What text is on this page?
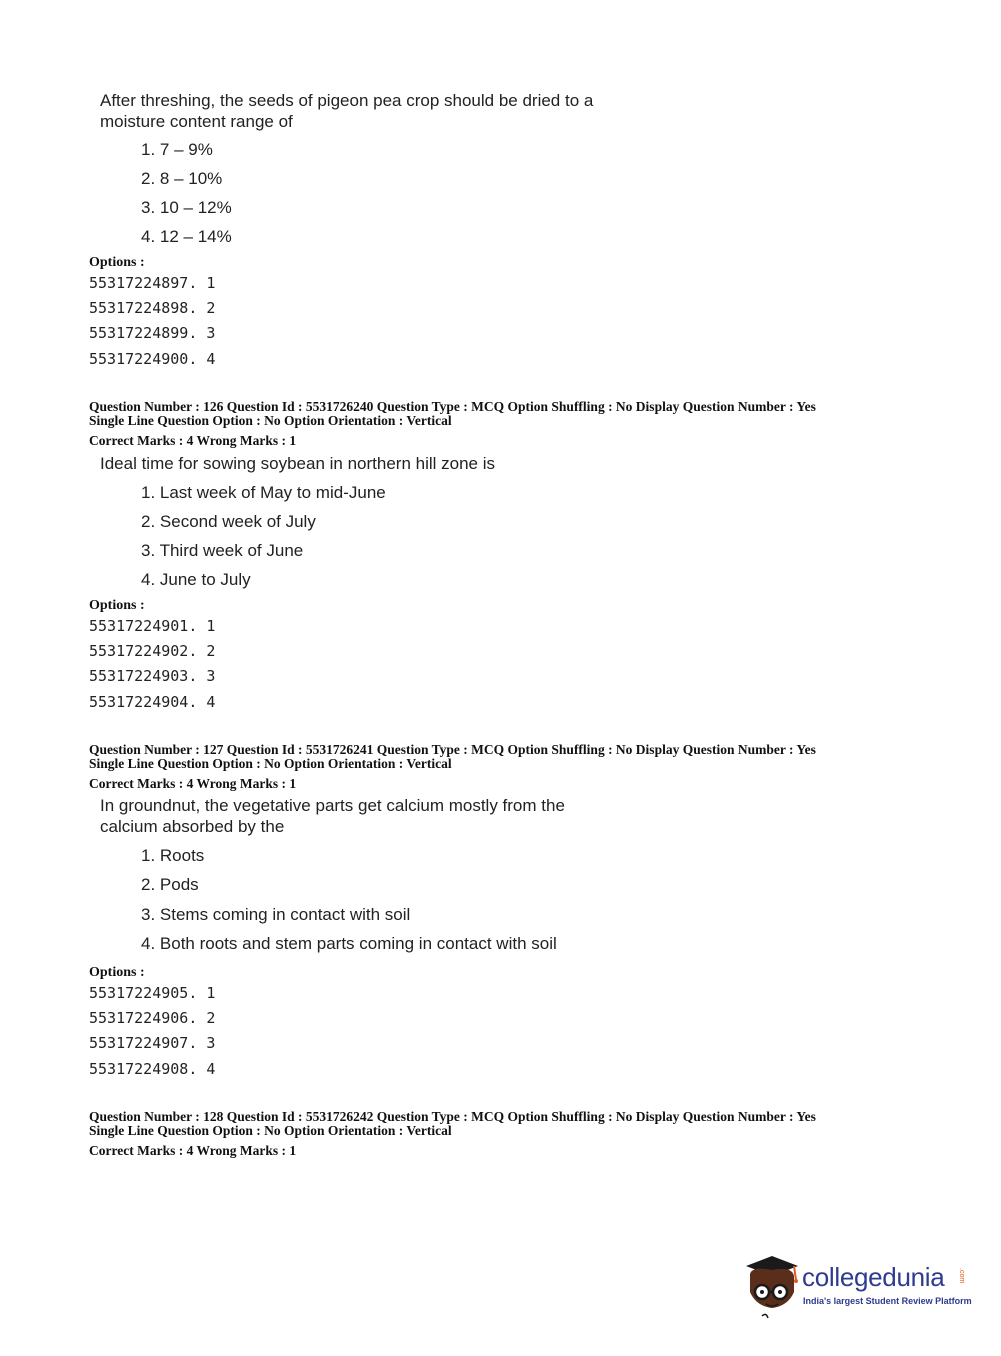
After threshing, the seeds of pigeon pea crop should be dried to a
moisture content range of
1. 7 – 9%
2. 8 – 10%
3. 10 – 12%
4. 12 – 14%
Options :
55317224897. 1
55317224898. 2
55317224899. 3
55317224900. 4
Question Number : 126 Question Id : 5531726240 Question Type : MCQ Option Shuffling : No Display Question Number : Yes
Single Line Question Option : No Option Orientation : Vertical
Correct Marks : 4 Wrong Marks : 1
Ideal time for sowing soybean in northern hill zone is
1. Last week of May to mid-June
2. Second week of July
3. Third week of June
4. June to July
Options :
55317224901. 1
55317224902. 2
55317224903. 3
55317224904. 4
Question Number : 127 Question Id : 5531726241 Question Type : MCQ Option Shuffling : No Display Question Number : Yes
Single Line Question Option : No Option Orientation : Vertical
Correct Marks : 4 Wrong Marks : 1
In groundnut, the vegetative parts get calcium mostly from the
calcium absorbed by the
1. Roots
2. Pods
3. Stems coming in contact with soil
4. Both roots and stem parts coming in contact with soil
Options :
55317224905. 1
55317224906. 2
55317224907. 3
55317224908. 4
Question Number : 128 Question Id : 5531726242 Question Type : MCQ Option Shuffling : No Display Question Number : Yes
Single Line Question Option : No Option Orientation : Vertical
Correct Marks : 4 Wrong Marks : 1
collegedunia .com
India's largest Student Review Platform
